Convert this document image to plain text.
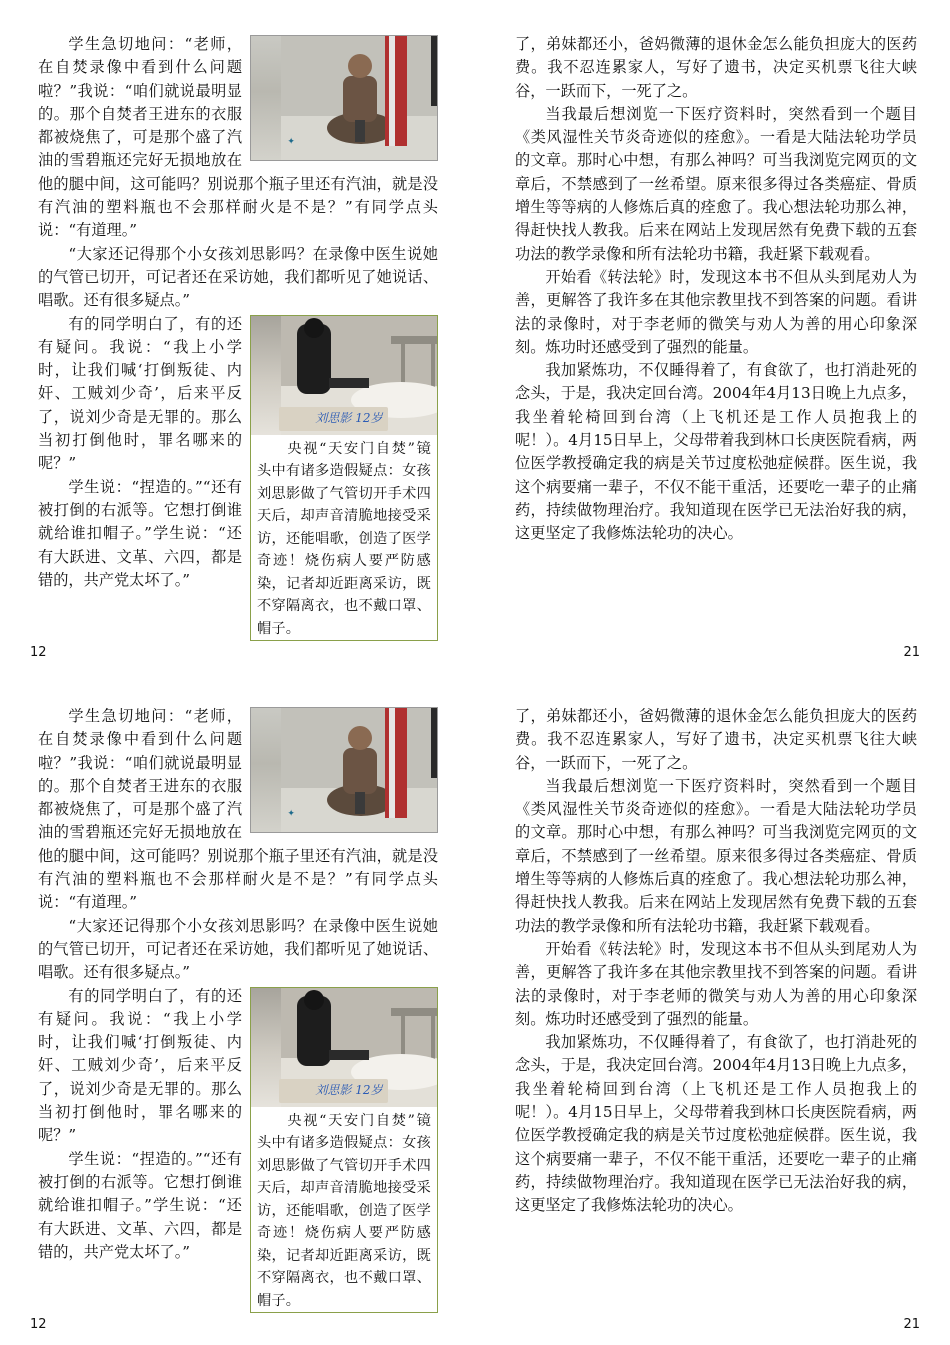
✦
学生急切地问：“老师，在自焚录像中看到什么问题啦？”我说：“咱们就说最明显的。那个自焚者王进东的衣服都被烧焦了，可是那个盛了汽油的雪碧瓶还完好无损地放在他的腿中间，这可能吗？别说那个瓶子里还有汽油，就是没有汽油的塑料瓶也不会那样耐火是不是？”有同学点头说：“有道理。”

“大家还记得那个小女孩刘思影吗？在录像中医生说她的气管已切开，可记者还在采访她，我们都听见了她说话、唱歌。还有很多疑点。”

刘思影 12岁
央视“天安门自焚”镜头中有诸多造假疑点：女孩刘思影做了气管切开手术四天后，却声音清脆地接受采访，还能唱歌，创造了医学奇迹！烧伤病人要严防感染，记者却近距离采访，既不穿隔离衣，也不戴口罩、帽子。
有的同学明白了，有的还有疑问。我说：“我上小学时，让我们喊‘打倒叛徒、内奸、工贼刘少奇’，后来平反了，说刘少奇是无罪的。那么当初打倒他时，罪名哪来的呢？”

学生说：“捏造的。”“还有被打倒的右派等。它想打倒谁就给谁扣帽子。”学生说：“还有大跃进、文革、六四，都是错的，共产党太坏了。”

12

了，弟妹都还小，爸妈微薄的退休金怎么能负担庞大的医药费。我不忍连累家人，写好了遗书，决定买机票飞往大峡谷，一跃而下，一死了之。

当我最后想浏览一下医疗资料时，突然看到一个题目《类风湿性关节炎奇迹似的痊愈》。一看是大陆法轮功学员的文章。那时心中想，有那么神吗？可当我浏览完网页的文章后，不禁感到了一丝希望。原来很多得过各类癌症、骨质增生等等病的人修炼后真的痊愈了。我心想法轮功那么神，得赶快找人教我。后来在网站上发现居然有免费下载的五套功法的教学录像和所有法轮功书籍，我赶紧下载观看。

开始看《转法轮》时，发现这本书不但从头到尾劝人为善，更解答了我许多在其他宗教里找不到答案的问题。看讲法的录像时，对于李老师的微笑与劝人为善的用心印象深刻。炼功时还感受到了强烈的能量。

我加紧炼功，不仅睡得着了，有食欲了，也打消赴死的念头，于是，我决定回台湾。2004年4月13日晚上九点多，我坐着轮椅回到台湾（上飞机还是工作人员抱我上的呢！）。4月15日早上，父母带着我到林口长庚医院看病，两位医学教授确定我的病是关节过度松弛症候群。医生说，我这个病要痛一辈子，不仅不能干重活，还要吃一辈子的止痛药，持续做物理治疗。我知道现在医学已无法治好我的病，这更坚定了我修炼法轮功的决心。

21

✦
学生急切地问：“老师，在自焚录像中看到什么问题啦？”我说：“咱们就说最明显的。那个自焚者王进东的衣服都被烧焦了，可是那个盛了汽油的雪碧瓶还完好无损地放在他的腿中间，这可能吗？别说那个瓶子里还有汽油，就是没有汽油的塑料瓶也不会那样耐火是不是？”有同学点头说：“有道理。”

“大家还记得那个小女孩刘思影吗？在录像中医生说她的气管已切开，可记者还在采访她，我们都听见了她说话、唱歌。还有很多疑点。”

刘思影 12岁
央视“天安门自焚”镜头中有诸多造假疑点：女孩刘思影做了气管切开手术四天后，却声音清脆地接受采访，还能唱歌，创造了医学奇迹！烧伤病人要严防感染，记者却近距离采访，既不穿隔离衣，也不戴口罩、帽子。
有的同学明白了，有的还有疑问。我说：“我上小学时，让我们喊‘打倒叛徒、内奸、工贼刘少奇’，后来平反了，说刘少奇是无罪的。那么当初打倒他时，罪名哪来的呢？”

学生说：“捏造的。”“还有被打倒的右派等。它想打倒谁就给谁扣帽子。”学生说：“还有大跃进、文革、六四，都是错的，共产党太坏了。”

12

了，弟妹都还小，爸妈微薄的退休金怎么能负担庞大的医药费。我不忍连累家人，写好了遗书，决定买机票飞往大峡谷，一跃而下，一死了之。

当我最后想浏览一下医疗资料时，突然看到一个题目《类风湿性关节炎奇迹似的痊愈》。一看是大陆法轮功学员的文章。那时心中想，有那么神吗？可当我浏览完网页的文章后，不禁感到了一丝希望。原来很多得过各类癌症、骨质增生等等病的人修炼后真的痊愈了。我心想法轮功那么神，得赶快找人教我。后来在网站上发现居然有免费下载的五套功法的教学录像和所有法轮功书籍，我赶紧下载观看。

开始看《转法轮》时，发现这本书不但从头到尾劝人为善，更解答了我许多在其他宗教里找不到答案的问题。看讲法的录像时，对于李老师的微笑与劝人为善的用心印象深刻。炼功时还感受到了强烈的能量。

我加紧炼功，不仅睡得着了，有食欲了，也打消赴死的念头，于是，我决定回台湾。2004年4月13日晚上九点多，我坐着轮椅回到台湾（上飞机还是工作人员抱我上的呢！）。4月15日早上，父母带着我到林口长庚医院看病，两位医学教授确定我的病是关节过度松弛症候群。医生说，我这个病要痛一辈子，不仅不能干重活，还要吃一辈子的止痛药，持续做物理治疗。我知道现在医学已无法治好我的病，这更坚定了我修炼法轮功的决心。

21
